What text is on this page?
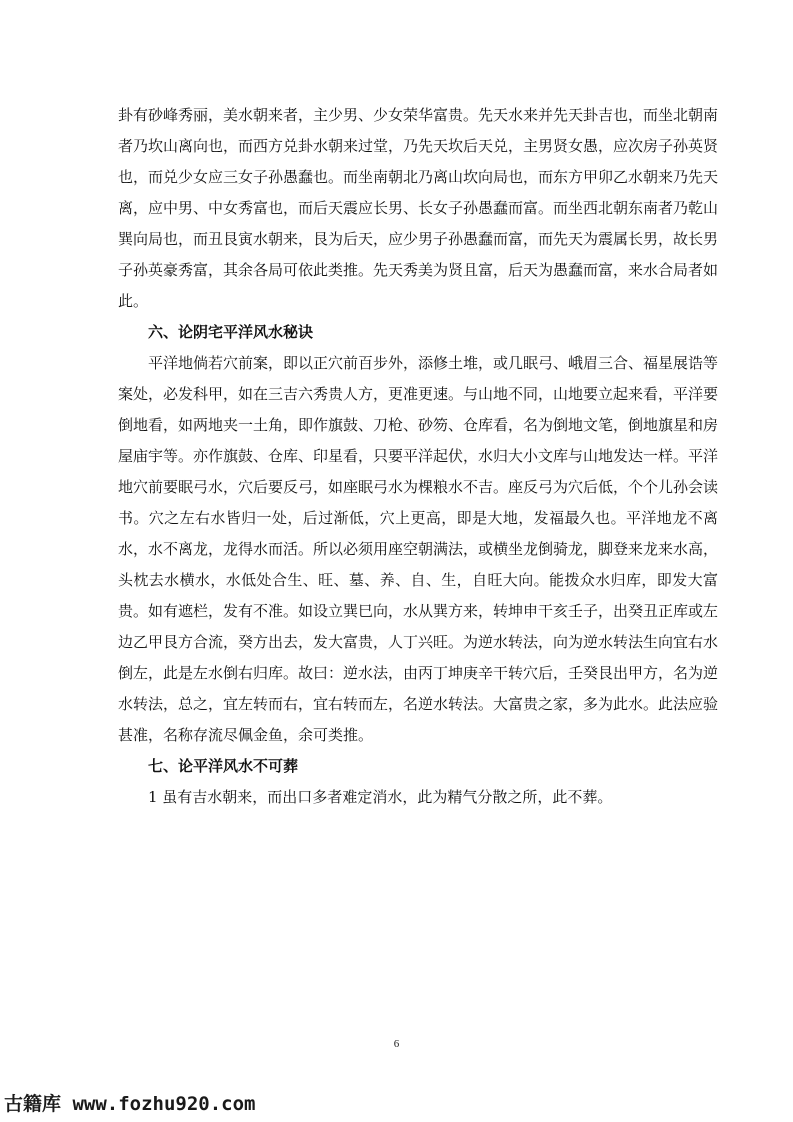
卦有砂峰秀丽，美水朝来者，主少男、少女荣华富贵。先天水来并先天卦吉也，而坐北朝南者乃坎山离向也，而西方兑卦水朝来过堂，乃先天坎后天兑，主男贤女愚，应次房子孙英贤也，而兑少女应三女子孙愚蠢也。而坐南朝北乃离山坎向局也，而东方甲卯乙水朝来乃先天离，应中男、中女秀富也，而后天震应长男、长女子孙愚蠢而富。而坐西北朝东南者乃乾山巽向局也，而丑艮寅水朝来，艮为后天，应少男子孙愚蠢而富，而先天为震属长男，故长男子孙英豪秀富，其余各局可依此类推。先天秀美为贤且富，后天为愚蠢而富，来水合局者如此。

六、论阴宅平洋风水秘诀

平洋地倘若穴前案，即以正穴前百步外，添修土堆，或几眠弓、峨眉三合、福星展诰等案处，必发科甲，如在三吉六秀贵人方，更准更速。与山地不同，山地要立起来看，平洋要倒地看，如两地夹一土角，即作旗鼓、刀枪、砂笏、仓库看，名为倒地文笔，倒地旗星和房屋庙宇等。亦作旗鼓、仓库、印星看，只要平洋起伏，水归大小文库与山地发达一样。平洋地穴前要眠弓水，穴后要反弓，如座眠弓水为棵粮水不吉。座反弓为穴后低，个个儿孙会读书。穴之左右水皆归一处，后过渐低，穴上更高，即是大地，发福最久也。平洋地龙不离水，水不离龙，龙得水而活。所以必须用座空朝满法，或横坐龙倒骑龙，脚登来龙来水高，头枕去水横水，水低处合生、旺、墓、养、自、生，自旺大向。能拨众水归库，即发大富贵。如有遮栏，发有不准。如设立巽巳向，水从巽方来，转坤申干亥壬子，出癸丑正库或左边乙甲艮方合流，癸方出去，发大富贵，人丁兴旺。为逆水转法，向为逆水转法生向宜右水倒左，此是左水倒右归库。故曰：逆水法，由丙丁坤庚辛干转穴后，壬癸艮出甲方，名为逆水转法，总之，宜左转而右，宜右转而左，名逆水转法。大富贵之家，多为此水。此法应验甚准，名称存流尽佩金鱼，余可类推。

七、论平洋风水不可葬

1 虽有吉水朝来，而出口多者难定消水，此为精气分散之所，此不葬。

6
古籍库 www.fozhu920.com
